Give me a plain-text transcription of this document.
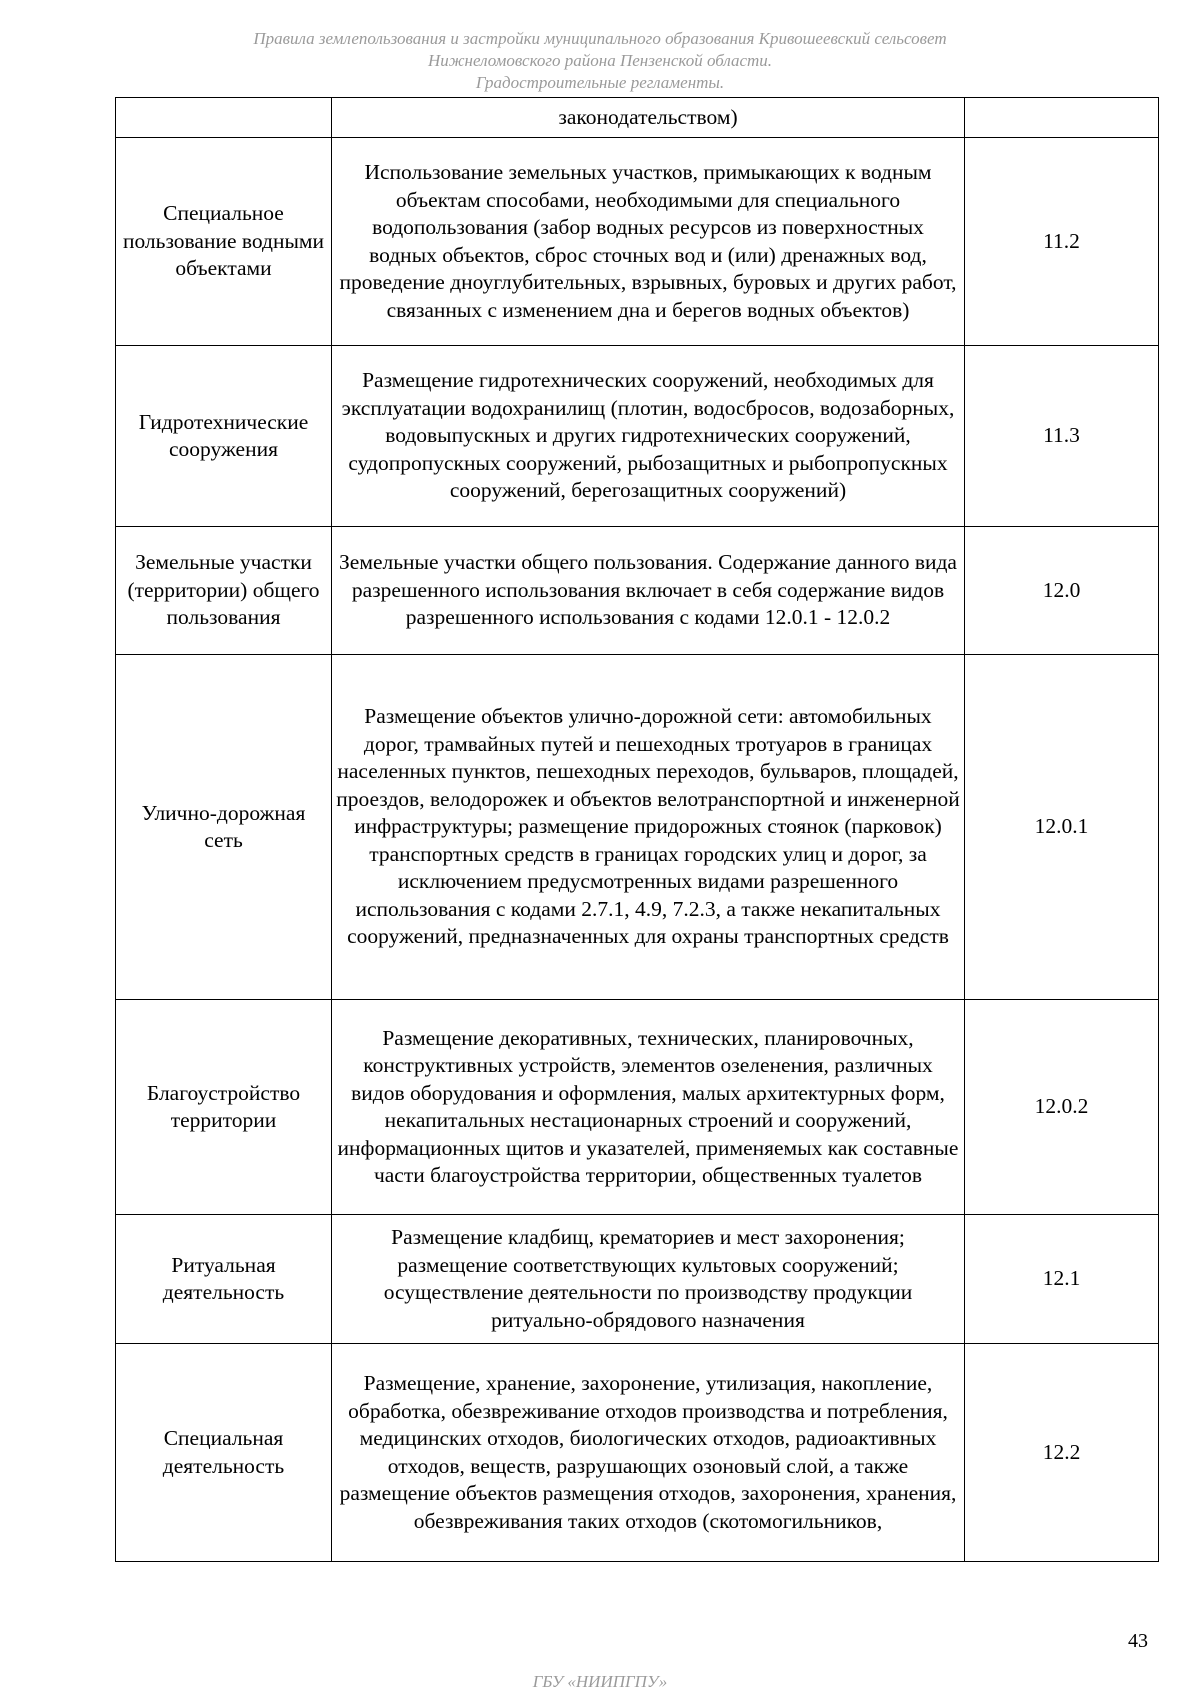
Правила землепользования и застройки муниципального образования Кривошеевский сельсовет
Нижнеломовского района Пензенской области.
Градостроительные регламенты.
	законодательством)	
Специальное пользование водными объектами	Использование земельных участков, примыкающих к водным объектам способами, необходимыми для специального водопользования (забор водных ресурсов из поверхностных водных объектов, сброс сточных вод и (или) дренажных вод, проведение дноуглубительных, взрывных, буровых и других работ, связанных с изменением дна и берегов водных объектов)	11.2
Гидротехнические сооружения	Размещение гидротехнических сооружений, необходимых для эксплуатации водохранилищ (плотин, водосбросов, водозаборных, водовыпускных и других гидротехнических сооружений, судопропускных сооружений, рыбозащитных и рыбопропускных сооружений, берегозащитных сооружений)	11.3
Земельные участки (территории) общего пользования	Земельные участки общего пользования. Содержание данного вида разрешенного использования включает в себя содержание видов разрешенного использования с кодами 12.0.1 - 12.0.2	12.0
Улично-дорожная сеть	Размещение объектов улично-дорожной сети: автомобильных дорог, трамвайных путей и пешеходных тротуаров в границах населенных пунктов, пешеходных переходов, бульваров, площадей, проездов, велодорожек и объектов велотранспортной и инженерной инфраструктуры; размещение придорожных стоянок (парковок) транспортных средств в границах городских улиц и дорог, за исключением предусмотренных видами разрешенного использования с кодами 2.7.1, 4.9, 7.2.3, а также некапитальных сооружений, предназначенных для охраны транспортных средств	12.0.1
Благоустройство территории	Размещение декоративных, технических, планировочных, конструктивных устройств, элементов озеленения, различных видов оборудования и оформления, малых архитектурных форм, некапитальных нестационарных строений и сооружений, информационных щитов и указателей, применяемых как составные части благоустройства территории, общественных туалетов	12.0.2
Ритуальная деятельность	Размещение кладбищ, крематориев и мест захоронения; размещение соответствующих культовых сооружений; осуществление деятельности по производству продукции ритуально-обрядового назначения	12.1
Специальная деятельность	Размещение, хранение, захоронение, утилизация, накопление, обработка, обезвреживание отходов производства и потребления, медицинских отходов, биологических отходов, радиоактивных отходов, веществ, разрушающих озоновый слой, а также размещение объектов размещения отходов, захоронения, хранения, обезвреживания таких отходов (скотомогильников,	12.2
43
ГБУ «НИИПГПУ»
